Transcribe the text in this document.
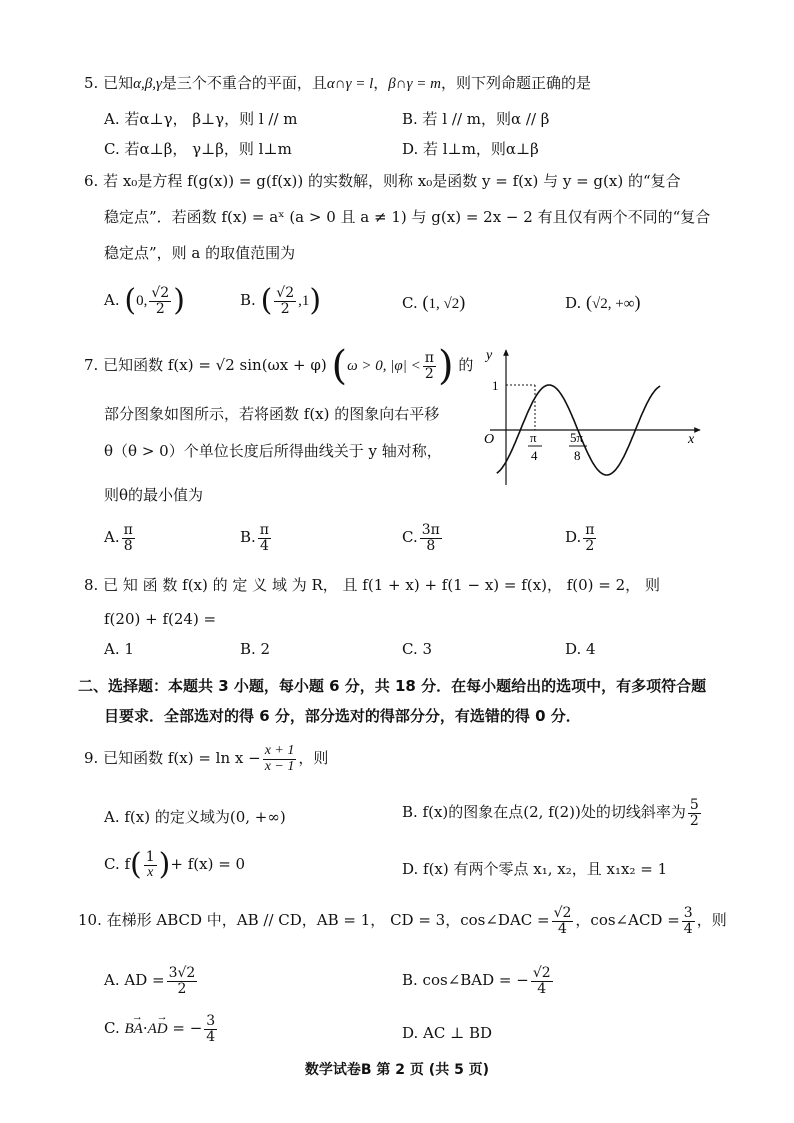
5. 已知α,β,γ是三个不重合的平面，且α∩γ = l，β∩γ = m，则下列命题正确的是
A. 若α⊥γ， β⊥γ，则 l // m	B. 若 l // m，则α // β
C. 若α⊥β， γ⊥β，则 l⊥m	D. 若 l⊥m，则α⊥β
6. 若 x₀是方程 f(g(x)) = g(f(x)) 的实数解，则称 x₀是函数 y = f(x) 与 y = g(x) 的“复合
稳定点”．若函数 f(x) = aˣ (a > 0 且 a ≠ 1) 与 g(x) = 2x − 2 有且仅有两个不同的“复合
稳定点”，则 a 的取值范围为
A. (0, $\frac{√2}{2}$ )	B. ( $\frac{√2}{2} ,1$)	C. (1, √2)	D. (√2, +∞)
7. 已知函数 f(x) = √2 sin(ωx + φ) (ω > 0, $|\varphi| < \frac{\pi}{2}$ ) 的
部分图象如图所示，若将函数 f(x) 的图象向右平移
θ（θ > 0）个单位长度后所得曲线关于 y 轴对称，
则θ的最小值为
y
x
O
1
π
4
5π
8
A. $\frac{\pi}{8}$	B. $\frac{\pi}{4}$	C. $\frac{3\pi}{8}$	D. $\frac{\pi}{2}$
8. 已 知 函 数 f(x) 的 定 义 域 为 R， 且 f(1 + x) + f(1 − x) = f(x)， f(0) = 2， 则
f(20) + f(24) =
A. 1	B. 2	C. 3	D. 4
二、选择题：本题共 3 小题，每小题 6 分，共 18 分．在每小题给出的选项中，有多项符合题
目要求．全部选对的得 6 分，部分选对的得部分分，有选错的得 0 分．
9. 已知函数 $f(x) = \ln x - \frac{x + 1}{x - 1}$ ，则
A. f(x) 的定义域为(0, +∞)	B. f(x)的图象在点(2, f(2))处的切线斜率为 $\frac{5}{2}$
C. $f( \frac{1}{x}$ )+ f(x) = 0	D. f(x) 有两个零点 x₁, x₂，且 x₁x₂ = 1
10. 在梯形 ABCD 中，AB // CD，AB = 1， CD = 3，cos∠DAC = $\frac{√2}{4}$ ，cos∠ACD = $\frac{3}{4}$ ，则
A. AD = $\frac{3√2}{2}$	B. cos∠BAD = − $\frac{√2}{4}$
C.
→
BA·
→
AD = − $\frac{3}{4}$	D. AC ⊥ BD
数学试卷B 第 2 页 (共 5 页)
